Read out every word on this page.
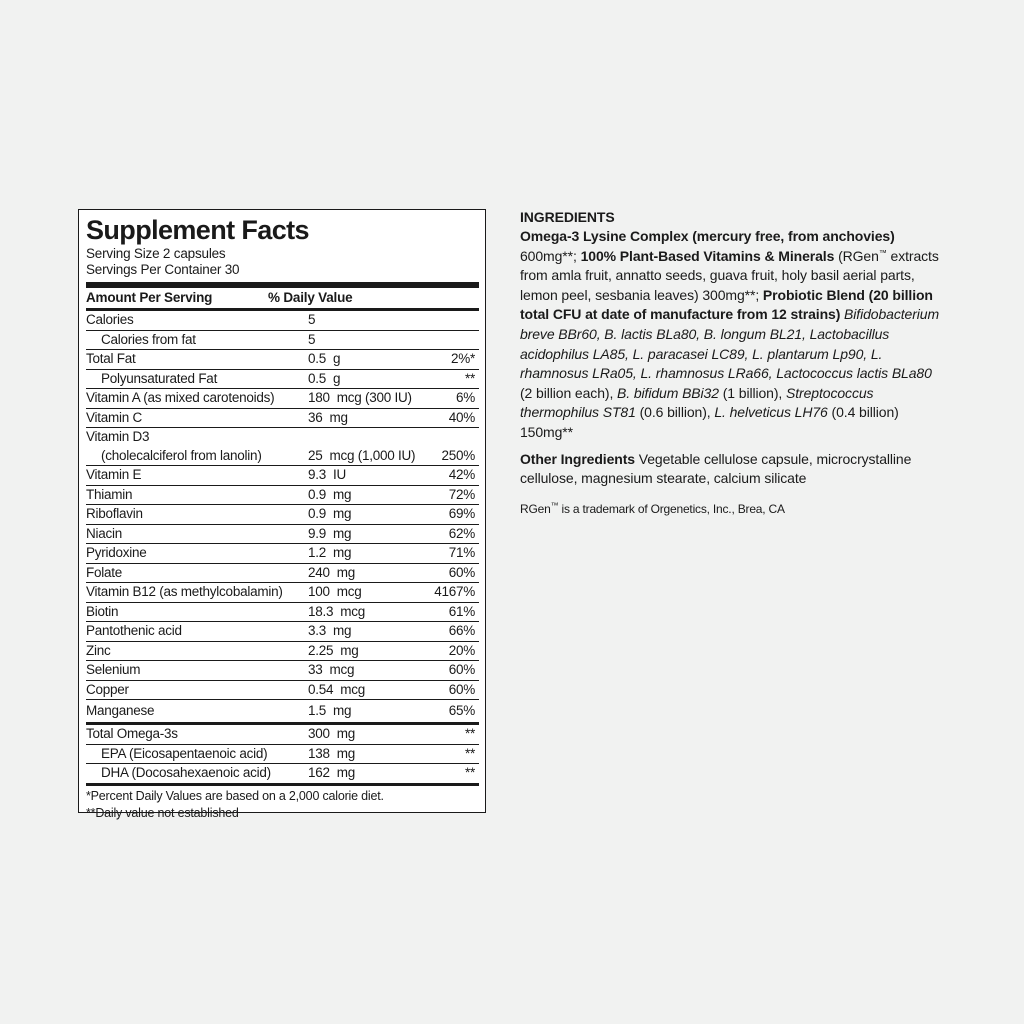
Supplement Facts
Serving Size 2 capsules
Servings Per Container 30
Amount Per Serving	% Daily Value
Calories	5
Calories from fat	5
Total Fat	0.5  g	2%*
Polyunsaturated Fat	0.5  g	**
Vitamin A (as mixed carotenoids)	180  mcg (300 IU)	6%
Vitamin C	36  mg	40%
Vitamin D3
(cholecalciferol from lanolin)	25  mcg (1,000 IU) 250%
Vitamin E	9.3  IU	42%
Thiamin	0.9  mg	72%
Riboflavin	0.9  mg	69%
Niacin	9.9  mg	62%
Pyridoxine	1.2  mg	71%
Folate	240  mg	60%
Vitamin B12 (as methylcobalamin)	100  mcg	4167%
Biotin	18.3  mcg	61%
Pantothenic acid	3.3  mg	66%
Zinc	2.25  mg	20%
Selenium	33  mcg	60%
Copper	0.54  mcg	60%
Manganese	1.5  mg	65%
Total Omega-3s	300  mg	**
EPA (Eicosapentaenoic acid)	138  mg	**
DHA (Docosahexaenoic acid)	162  mg	**
*Percent Daily Values are based on a 2,000 calorie diet.
**Daily value not established

INGREDIENTS

Omega-3 Lysine Complex (mercury free, from anchovies) 600mg**; 100% Plant-Based Vitamins & Minerals (RGen™ extracts from amla fruit, annatto seeds, guava fruit, holy basil aerial parts, lemon peel, sesbania leaves) 300mg**; Probiotic Blend (20 billion total CFU at date of manufacture from 12 strains) Bifidobacterium breve BBr60, B. lactis BLa80, B. longum BL21, Lactobacillus acidophilus LA85, L. paracasei LC89, L. plantarum Lp90, L. rhamnosus LRa05, L. rhamnosus LRa66, Lactococcus lactis BLa80 (2 billion each), B. bifidum BBi32 (1 billion), Streptococcus thermophilus ST81 (0.6 billion), L. helveticus LH76 (0.4 billion) 150mg**

Other Ingredients Vegetable cellulose capsule, microcrystalline cellulose, magnesium stearate, calcium silicate

RGen™ is a trademark of Orgenetics, Inc., Brea, CA
